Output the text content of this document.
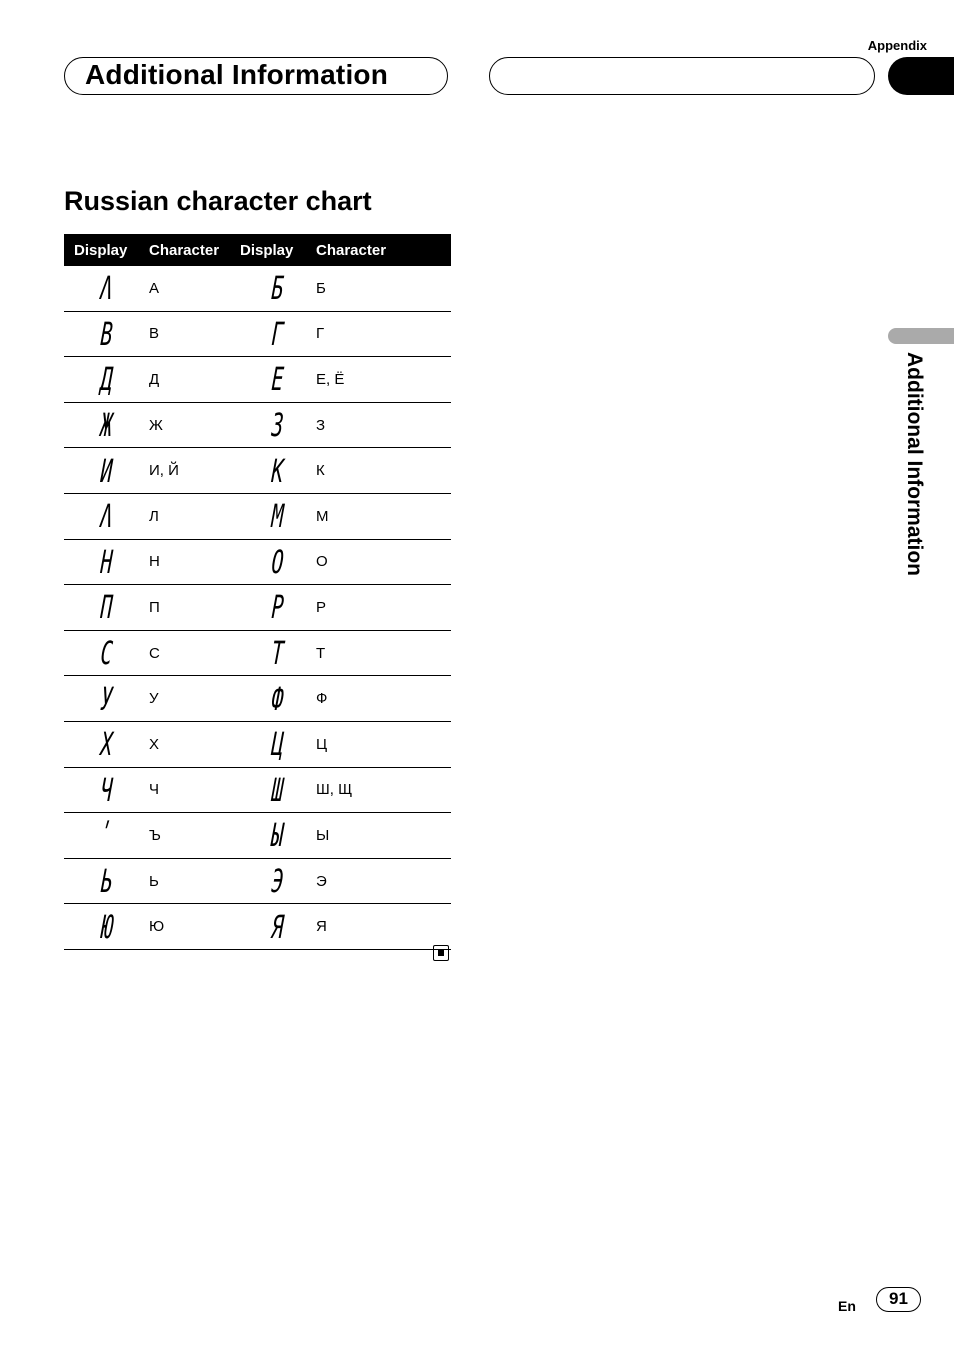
Appendix
Additional Information
Additional Information
Russian character chart
Display	Character	Display	Character
Λ А	Б Б
В В	Г Г
Д Д	Е Е, Ё
Ж Ж	З З
И И, Й	К К
Λ Л	М М
Н Н	О О
П П	Р Р
С С	Т Т
У У	Ф Ф
Х Х	Ц Ц
Ч Ч	Ш Ш, Щ
ʹ Ъ	Ы Ы
Ь Ь	Э Э
Ю Ю	Я Я
En	91
